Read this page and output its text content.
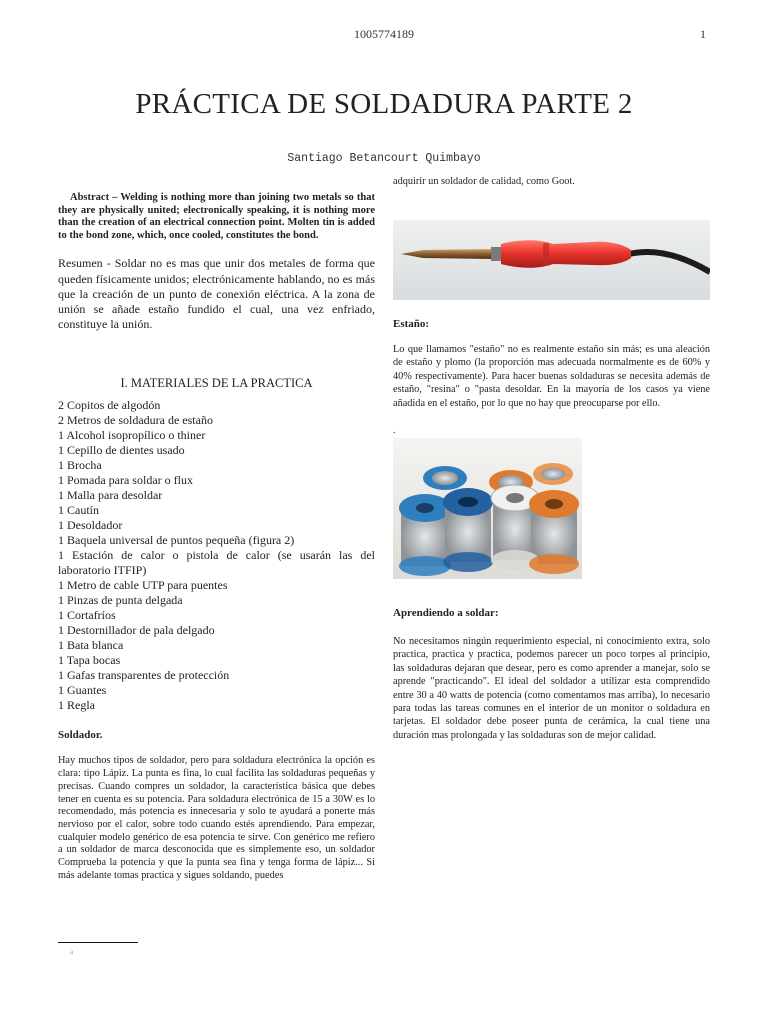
1005774189	1
PRÁCTICA DE SOLDADURA PARTE 2
Santiago Betancourt Quimbayo

Abstract – Welding is nothing more than joining two metals so that they are physically united; electronically speaking, it is nothing more than the creation of an electrical connection point. Molten tin is added to the bond zone, which, once cooled, constitutes the bond.

Resumen - Soldar no es mas que unir dos metales de forma que queden físicamente unidos; electrónicamente hablando, no es más que la creación de un punto de conexión eléctrica. A la zona de unión se añade estaño fundido el cual, una vez enfriado, constituye la unión.

I. MATERIALES DE LA PRACTICA
2 Copitos de algodón
2 Metros de soldadura de estaño
1 Alcohol isopropílico o thiner
1 Cepillo de dientes usado
1 Brocha
1 Pomada para soldar o flux
1 Malla para desoldar
1 Cautín
1 Desoldador
1 Baquela universal de puntos pequeña (figura 2)
1 Estación de calor o pistola de calor (se usarán las del laboratorio ITFIP)
1 Metro de cable UTP para puentes
1 Pinzas de punta delgada
1 Cortafríos
1 Destornillador de pala delgado
1 Bata blanca
1 Tapa bocas
1 Gafas transparentes de protección
1 Guantes
1 Regla
Soldador.

Hay muchos tipos de soldador, pero para soldadura electrónica la opción es clara: tipo Lápiz. La punta es fina, lo cual facilita las soldaduras pequeñas y precisas. Cuando compres un soldador, la característica básica que debes tener en cuenta es su potencia. Para soldadura electrónica de 15 a 30W es lo recomendado, más potencia es innecesaria y solo te ayudará a ponerte más nervioso por el calor, sobre todo cuando estés aprendiendo. Para empezar, cualquier modelo genérico de esa potencia te sirve. Con genérico me refiero a un soldador de marca desconocida que es simplemente eso, un soldador Comprueba la potencia y que la punta sea fina y tenga forma de lápiz... Si más adelante tomas practica y sigues soldando, puedes

adquirir un soldador de calidad, como Goot.

Estaño:
Lo que llamamos "estaño" no es realmente estaño sin más; es una aleación de estaño y plomo (la proporción mas adecuada normalmente es de 60% y 40% respectivamente). Para hacer buenas soldaduras se necesita además de estaño, "resina" o "pasta desoldar. En la mayoría de los casos ya viene añadida en el estaño, por lo que no hay que preocuparse por ello.
.
Aprendiendo a soldar:
No necesitamos ningún requerimiento especial, ni conocimiento extra, solo practica, practica y practica, podemos parecer un poco torpes al principio, las soldaduras dejaran que desear, pero es como aprender a manejar, solo se aprende "practicando". El ideal del soldador a utilizar esta comprendido entre 30 a 40 watts de potencia (como comentamos mas arriba), lo necesario para todas las tareas comunes en el interior de un monitor o soldadura en tarjetas. El soldador debe poseer punta de cerámica, la cual tiene una duración mas prolongada y las soldaduras son de mejor calidad.
a
